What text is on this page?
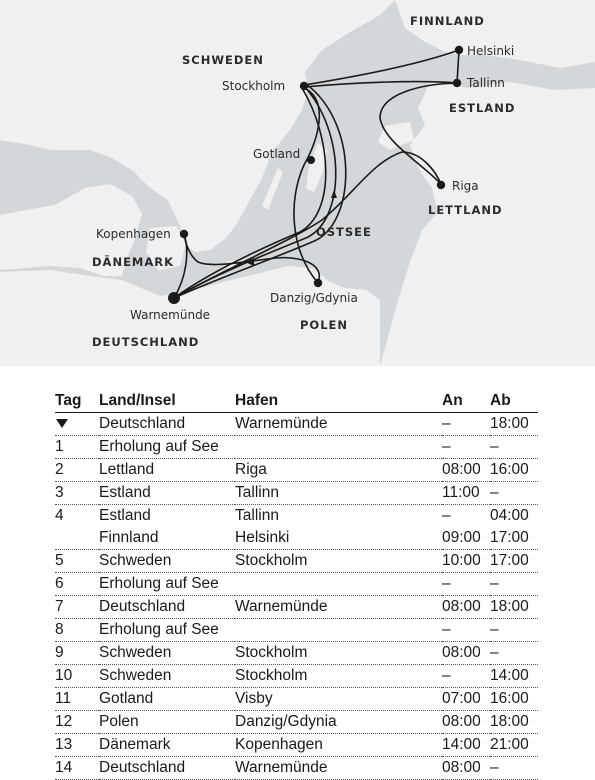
FINNLAND
SCHWEDEN
ESTLAND
LETTLAND
OSTSEE
DÄNEMARK
POLEN
DEUTSCHLAND
Helsinki
Tallinn
Stockholm
Gotland
Riga
Kopenhagen
Danzig/Gdynia
Warnemünde
Tag	Land/Insel	Hafen	An	Ab
	Deutschland	Warnemünde	–	18:00
1	Erholung auf See		–	–
2	Lettland	Riga	08:00	16:00
3	Estland	Tallinn	11:00	–
4	Estland	Tallinn	–	04:00
	Finnland	Helsinki	09:00	17:00
5	Schweden	Stockholm	10:00	17:00
6	Erholung auf See		–	–
7	Deutschland	Warnemünde	08:00	18:00
8	Erholung auf See		–	–
9	Schweden	Stockholm	08:00	–
10	Schweden	Stockholm	–	14:00
11	Gotland	Visby	07:00	16:00
12	Polen	Danzig/Gdynia	08:00	18:00
13	Dänemark	Kopenhagen	14:00	21:00
14	Deutschland	Warnemünde	08:00	–
